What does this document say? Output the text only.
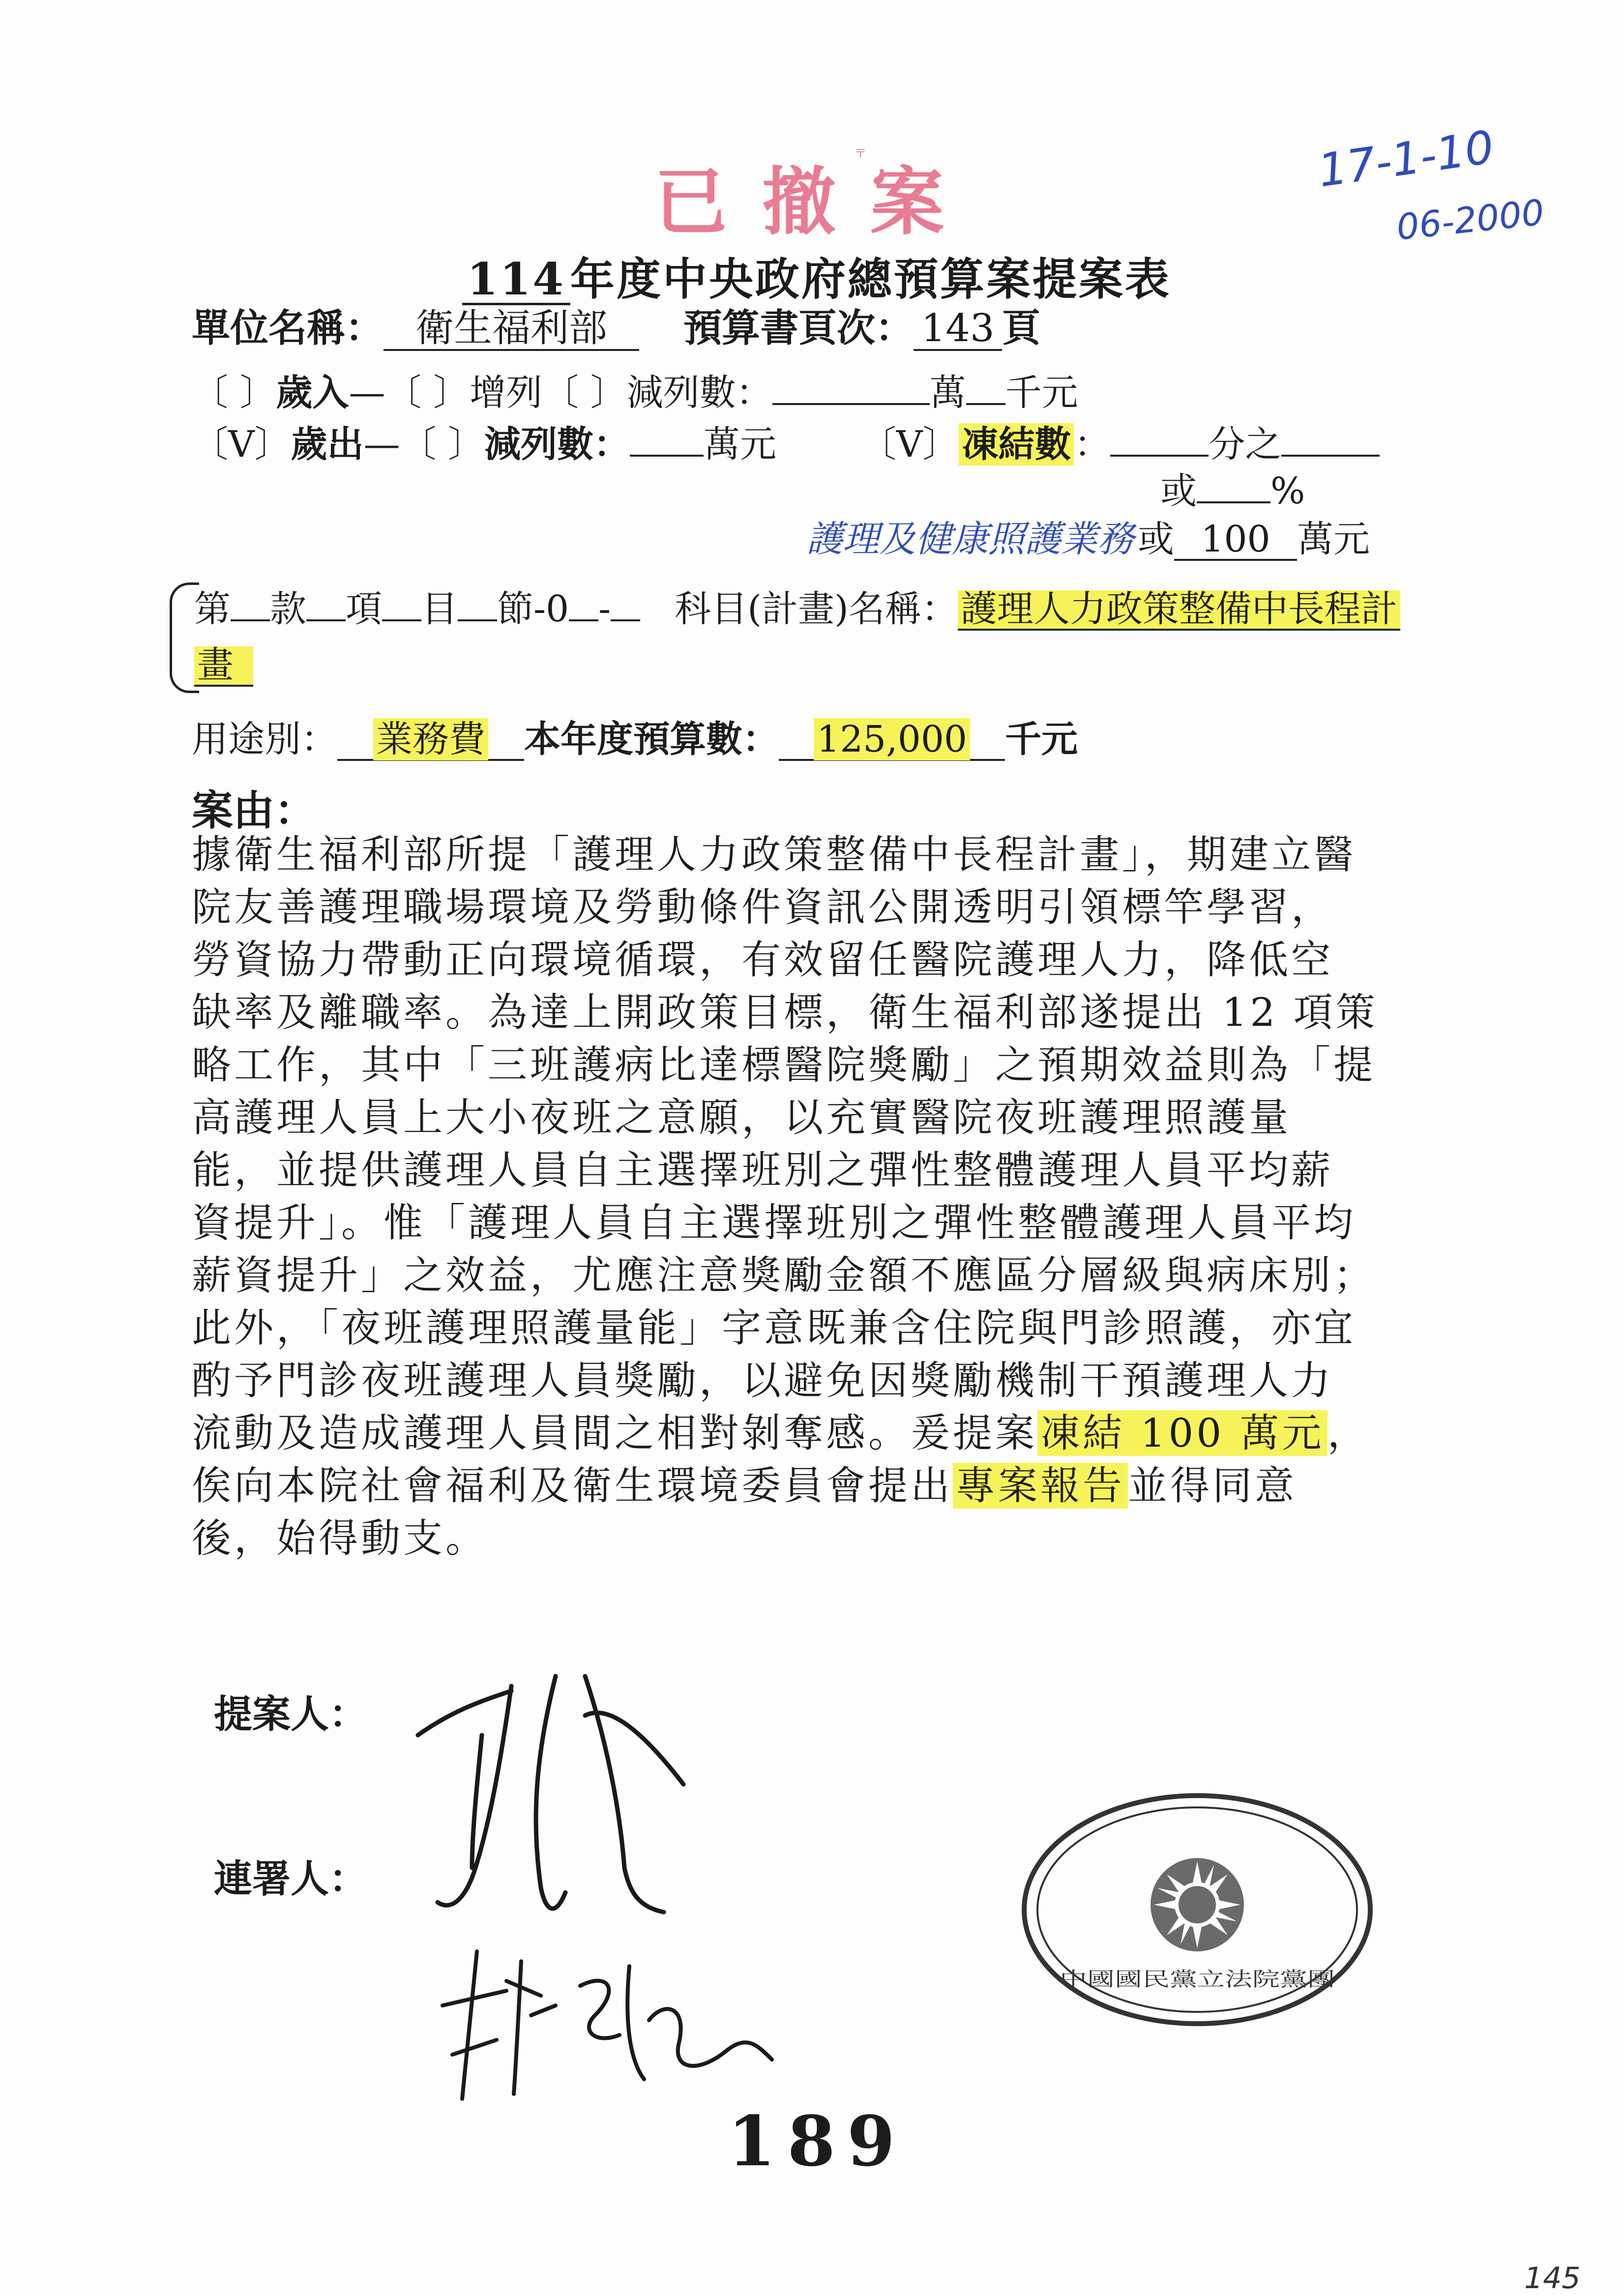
已撤案
〒	17-1-10
06-2000
114 年度中央政府總預算案提案表
單位名稱： 衛生福利部 預算書頁次： 143 頁
〔 〕歲入—〔 〕增列〔 〕減列數：	萬 千元
〔V〕歲出—〔 〕減列數： 萬元 〔V〕凍結數：	分之
或 %
護理及健康照護業務 或 100 萬元
第 款 項 目 節-0 - 科目(計畫)名稱：護理人力政策整備中長程計
畫
用途別： 業務費 本年度預算數： 125,000 千元
案由：
據衛生福利部所提「護理人力政策整備中長程計畫」，期建立醫
院友善護理職場環境及勞動條件資訊公開透明引領標竿學習，
勞資協力帶動正向環境循環，有效留任醫院護理人力，降低空
缺率及離職率。為達上開政策目標，衛生福利部遂提出 12 項策
略工作，其中「三班護病比達標醫院獎勵」之預期效益則為「提
高護理人員上大小夜班之意願，以充實醫院夜班護理照護量
能，並提供護理人員自主選擇班別之彈性整體護理人員平均薪
資提升」。惟「護理人員自主選擇班別之彈性整體護理人員平均
薪資提升」之效益，尤應注意獎勵金額不應區分層級與病床別；
此外，「夜班護理照護量能」字意既兼含住院與門診照護，亦宜
酌予門診夜班護理人員獎勵，以避免因獎勵機制干預護理人力
流動及造成護理人員間之相對剝奪感。爰提案凍結 100 萬元，
俟向本院社會福利及衛生環境委員會提出專案報告並得同意
後，始得動支。
提案人：
連署人：
中國國民黨立法院黨團
189
145
